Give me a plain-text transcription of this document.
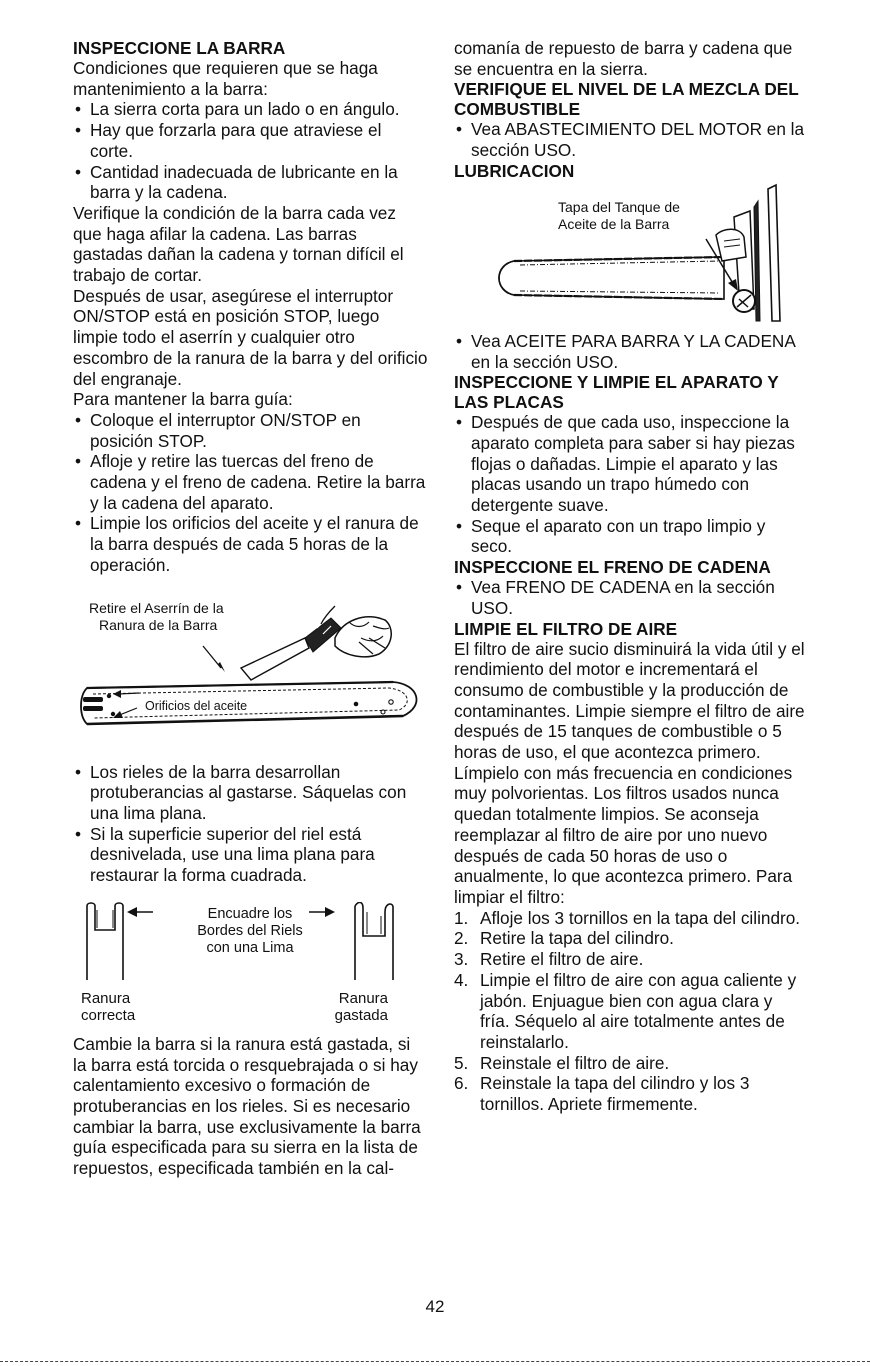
INSPECCIONE LA BARRA

Condiciones que requieren que se haga mantenimiento a la barra:

• La sierra corta para un lado o en ángulo.
• Hay que forzarla para que atraviese el corte.
• Cantidad inadecuada de lubricante en la barra y la cadena.

Verifique la condición de la barra cada vez que haga afilar la cadena. Las barras gastadas dañan la cadena y tornan difícil el trabajo de cortar.

Después de usar, asegúrese el interruptor ON/STOP está en posición STOP, luego limpie todo el aserrín y cualquier otro escombro de la ranura de la barra y del orificio del engranaje.

Para mantener la barra guía:

• Coloque el interruptor ON/STOP en posición STOP.
• Afloje y retire las tuercas del freno de cadena y el freno de cadena. Retire la barra y la cadena del aparato.
• Limpie los orificios del aceite y el ranura de la barra después de cada 5 horas de la operación.
Retire el Aserrín de la
Ranura de la Barra
Orificios del aceite
• Los rieles de la barra desarrollan protuberancias al gastarse. Sáquelas con una lima plana.
• Si la superficie superior del riel está desnivelada, use una lima plana para restaurar la forma cuadrada.
Encuadre los
Bordes del Riels
con una Lima
Ranura
correcta
Ranura
gastada

Cambie la barra si la ranura está gastada, si la barra está torcida o resquebrajada o si hay calentamiento excesivo o formación de protuberancias en los rieles. Si es necesario cambiar la barra, use exclusivamente la barra guía especificada para su sierra en la lista de repuestos, especificada también en la cal-

comanía de repuesto de barra y cadena que se encuentra en la sierra.

VERIFIQUE EL NIVEL DE LA MEZCLA DEL COMBUSTIBLE
• Vea ABASTECIMIENTO DEL MOTOR en la sección USO.
LUBRICACION
Tapa del Tanque de
Aceite de la Barra
• Vea ACEITE PARA BARRA Y LA CADENA en la sección USO.
INSPECCIONE Y LIMPIE EL APARATO Y LAS PLACAS
• Después de que cada uso, inspeccione la aparato completa para saber si hay piezas flojas o dañadas. Limpie el aparato y las placas usando un trapo húmedo con detergente suave.
• Seque el aparato con un trapo limpio y seco.
INSPECCIONE EL FRENO DE CADENA
• Vea FRENO DE CADENA en la sección USO.
LIMPIE EL FILTRO DE AIRE

El filtro de aire sucio disminuirá la vida útil y el rendimiento del motor e incrementará el consumo de combustible y la producción de contaminantes. Limpie siempre el filtro de aire después de 15 tanques de combustible o 5 horas de uso, el que acontezca primero. Límpielo con más frecuencia en condiciones muy polvorientas. Los filtros usados nunca quedan totalmente limpios. Se aconseja reemplazar al filtro de aire por uno nuevo después de cada 50 horas de uso o anualmente, lo que acontezca primero. Para limpiar el filtro:

1. Afloje los 3 tornillos en la tapa del cilindro.
2. Retire la tapa del cilindro.
3. Retire el filtro de aire.
4. Limpie el filtro de aire con agua caliente y jabón. Enjuague bien con agua clara y fría. Séquelo al aire totalmente antes de reinstalarlo.
5. Reinstale el filtro de aire.
6. Reinstale la tapa del cilindro y los 3 tornillos. Apriete firmemente.
42
